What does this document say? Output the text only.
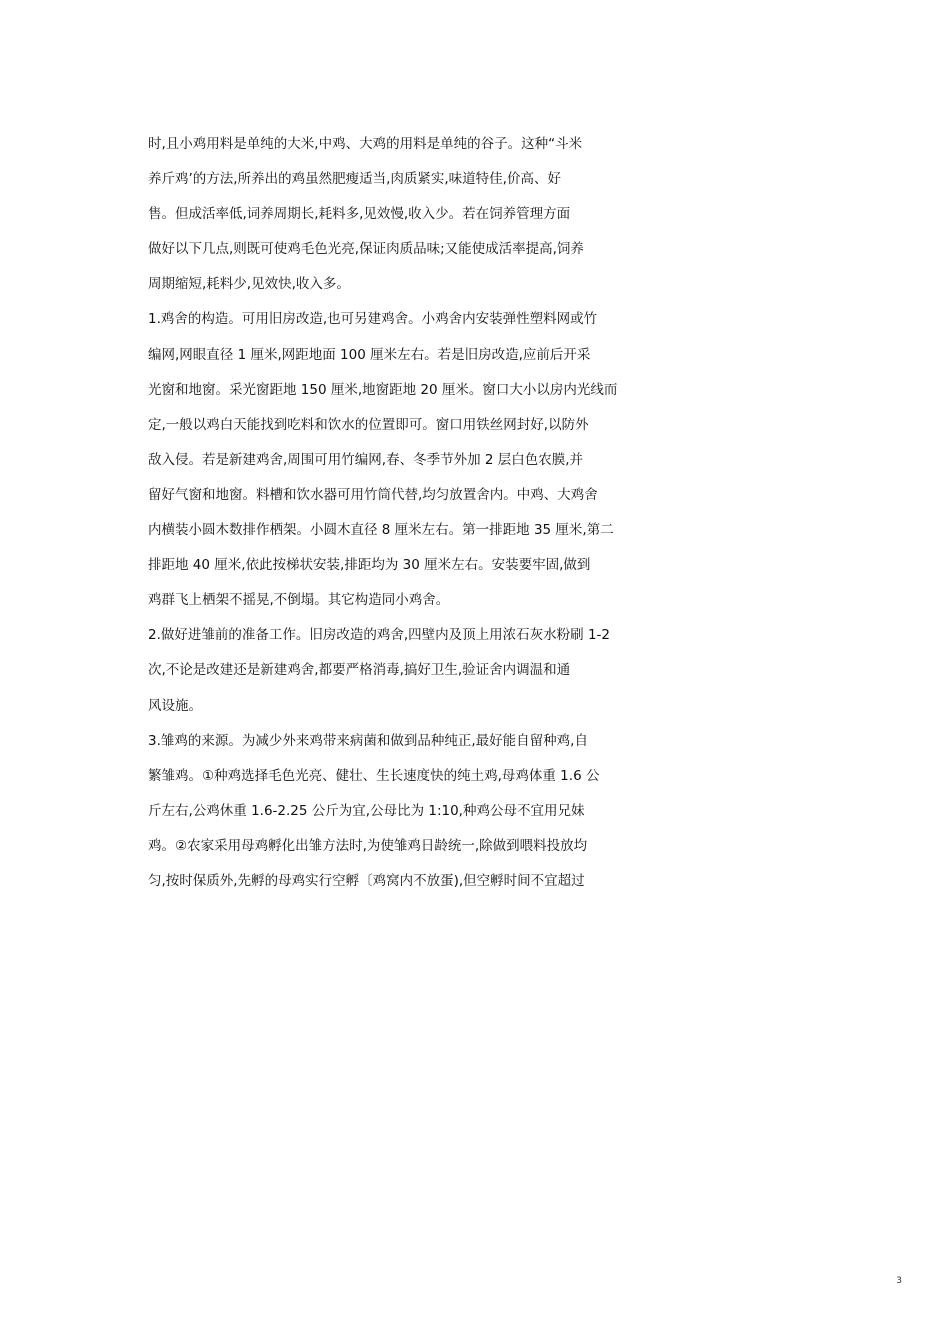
时,且小鸡用料是单纯的大米,中鸡、大鸡的用料是单纯的谷子。这种“斗米
养斤鸡’的方法,所养出的鸡虽然肥瘦适当,肉质紧实,味道特佳,价高、好
售。但成活率低,词养周期长,耗料多,见效慢,收入少。若在饲养管理方面
做好以下几点,则既可使鸡毛色光亮,保证肉质品味;又能使成活率提高,饲养
周期缩短,耗料少,见效快,收入多。
1.鸡舍的构造。可用旧房改造,也可另建鸡舍。小鸡舍内安装弹性塑料网或竹
编网,网眼直径 1 厘米,网距地面 100 厘米左右。若是旧房改造,应前后开采
光窗和地窗。采光窗距地 150 厘米,地窗距地 20 厘米。窗口大小以房内光线而
定,一般以鸡白天能找到吃料和饮水的位置即可。窗口用铁丝网封好,以防外
敌入侵。若是新建鸡舍,周围可用竹编网,春、冬季节外加 2 层白色农膜,并
留好气窗和地窗。料槽和饮水器可用竹筒代替,均匀放置舍内。中鸡、大鸡舍
内横装小圆木数排作栖架。小圆木直径 8 厘米左右。第一排距地 35 厘米,第二
排距地 40 厘米,依此按梯状安装,排距均为 30 厘米左右。安装要牢固,做到
鸡群飞上栖架不摇晃,不倒塌。其它构造同小鸡舍。
2.做好进雏前的准备工作。旧房改造的鸡舍,四壁内及顶上用浓石灰水粉刷 1-2
次,不论是改建还是新建鸡舍,都要严格消毒,搞好卫生,验证舍内调温和通
风设施。
3.雏鸡的来源。为减少外来鸡带来病菌和做到品种纯正,最好能自留种鸡,自
繁雏鸡。①种鸡选择毛色光亮、健壮、生长速度快的纯土鸡,母鸡体重 1.6 公
斤左右,公鸡休重 1.6-2.25 公斤为宜,公母比为 1:10,种鸡公母不宜用兄妹
鸡。②农家采用母鸡孵化出雏方法时,为使雏鸡日龄统一,除做到喂料投放均
匀,按时保质外,先孵的母鸡实行空孵〔鸡窝内不放蛋),但空孵时间不宜超过
3
